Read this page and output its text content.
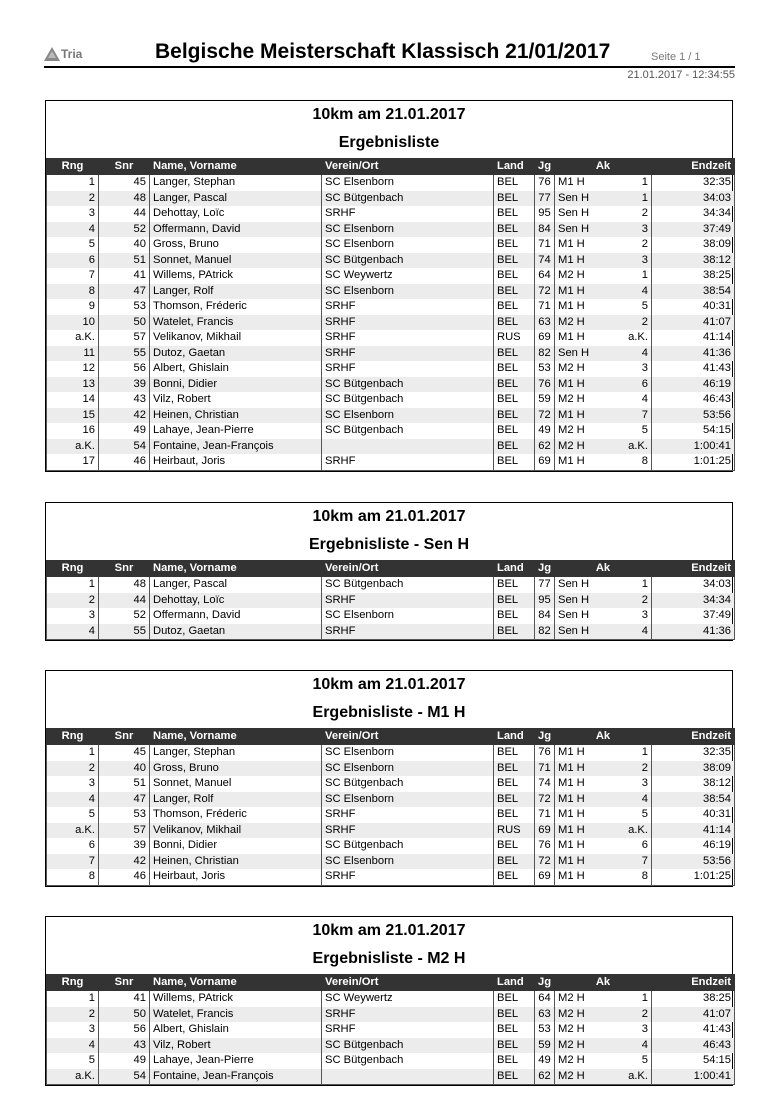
Tria	Belgische Meisterschaft Klassisch 21/01/2017	Seite 1 / 1
21.01.2017 - 12:34:55
10km am 21.01.2017
Ergebnisliste
Rng	Snr	Name, Vorname	Verein/Ort	Land	Jg	Ak		Endzeit
1	45	Langer, Stephan	SC Elsenborn	BEL	76	M1 H	1	32:35
2	48	Langer, Pascal	SC Bütgenbach	BEL	77	Sen H	1	34:03
3	44	Dehottay, Loïc	SRHF	BEL	95	Sen H	2	34:34
4	52	Offermann, David	SC Elsenborn	BEL	84	Sen H	3	37:49
5	40	Gross, Bruno	SC Elsenborn	BEL	71	M1 H	2	38:09
6	51	Sonnet, Manuel	SC Bütgenbach	BEL	74	M1 H	3	38:12
7	41	Willems, PAtrick	SC Weywertz	BEL	64	M2 H	1	38:25
8	47	Langer, Rolf	SC Elsenborn	BEL	72	M1 H	4	38:54
9	53	Thomson, Fréderic	SRHF	BEL	71	M1 H	5	40:31
10	50	Watelet, Francis	SRHF	BEL	63	M2 H	2	41:07
a.K.	57	Velikanov, Mikhail	SRHF	RUS	69	M1 H	a.K.	41:14
11	55	Dutoz, Gaetan	SRHF	BEL	82	Sen H	4	41:36
12	56	Albert, Ghislain	SRHF	BEL	53	M2 H	3	41:43
13	39	Bonni, Didier	SC Bütgenbach	BEL	76	M1 H	6	46:19
14	43	Vilz, Robert	SC Bütgenbach	BEL	59	M2 H	4	46:43
15	42	Heinen, Christian	SC Elsenborn	BEL	72	M1 H	7	53:56
16	49	Lahaye, Jean-Pierre	SC Bütgenbach	BEL	49	M2 H	5	54:15
a.K.	54	Fontaine, Jean-François		BEL	62	M2 H	a.K.	1:00:41
17	46	Heirbaut, Joris	SRHF	BEL	69	M1 H	8	1:01:25
10km am 21.01.2017
Ergebnisliste - Sen H
Rng	Snr	Name, Vorname	Verein/Ort	Land	Jg	Ak		Endzeit
1	48	Langer, Pascal	SC Bütgenbach	BEL	77	Sen H	1	34:03
2	44	Dehottay, Loïc	SRHF	BEL	95	Sen H	2	34:34
3	52	Offermann, David	SC Elsenborn	BEL	84	Sen H	3	37:49
4	55	Dutoz, Gaetan	SRHF	BEL	82	Sen H	4	41:36
10km am 21.01.2017
Ergebnisliste - M1 H
Rng	Snr	Name, Vorname	Verein/Ort	Land	Jg	Ak		Endzeit
1	45	Langer, Stephan	SC Elsenborn	BEL	76	M1 H	1	32:35
2	40	Gross, Bruno	SC Elsenborn	BEL	71	M1 H	2	38:09
3	51	Sonnet, Manuel	SC Bütgenbach	BEL	74	M1 H	3	38:12
4	47	Langer, Rolf	SC Elsenborn	BEL	72	M1 H	4	38:54
5	53	Thomson, Fréderic	SRHF	BEL	71	M1 H	5	40:31
a.K.	57	Velikanov, Mikhail	SRHF	RUS	69	M1 H	a.K.	41:14
6	39	Bonni, Didier	SC Bütgenbach	BEL	76	M1 H	6	46:19
7	42	Heinen, Christian	SC Elsenborn	BEL	72	M1 H	7	53:56
8	46	Heirbaut, Joris	SRHF	BEL	69	M1 H	8	1:01:25
10km am 21.01.2017
Ergebnisliste - M2 H
Rng	Snr	Name, Vorname	Verein/Ort	Land	Jg	Ak		Endzeit
1	41	Willems, PAtrick	SC Weywertz	BEL	64	M2 H	1	38:25
2	50	Watelet, Francis	SRHF	BEL	63	M2 H	2	41:07
3	56	Albert, Ghislain	SRHF	BEL	53	M2 H	3	41:43
4	43	Vilz, Robert	SC Bütgenbach	BEL	59	M2 H	4	46:43
5	49	Lahaye, Jean-Pierre	SC Bütgenbach	BEL	49	M2 H	5	54:15
a.K.	54	Fontaine, Jean-François		BEL	62	M2 H	a.K.	1:00:41
